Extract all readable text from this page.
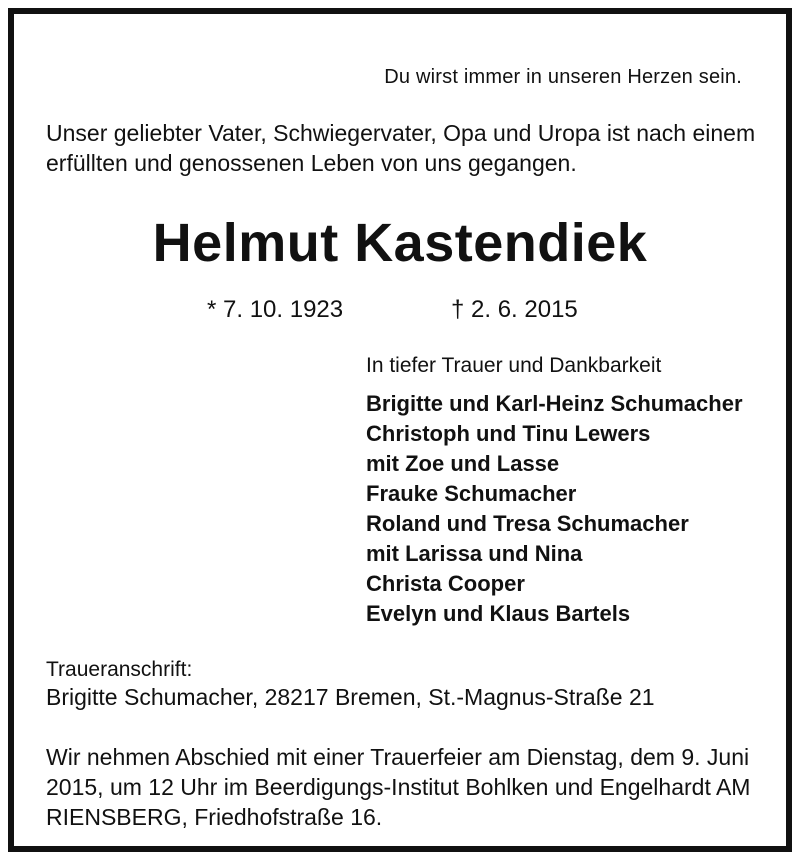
Du wirst immer in unseren Herzen sein.
Unser geliebter Vater, Schwiegervater, Opa und Uropa ist nach einem
erfüllten und genossenen Leben von uns gegangen.
Helmut Kastendiek
* 7. 10. 1923	† 2. 6. 2015
In tiefer Trauer und Dankbarkeit
Brigitte und Karl-Heinz Schumacher
Christoph und Tinu Lewers
mit Zoe und Lasse
Frauke Schumacher
Roland und Tresa Schumacher
mit Larissa und Nina
Christa Cooper
Evelyn und Klaus Bartels
Traueranschrift:
Brigitte Schumacher, 28217 Bremen, St.-Magnus-Straße 21
Wir nehmen Abschied mit einer Trauerfeier am Dienstag, dem 9. Juni
2015, um 12 Uhr im Beerdigungs-Institut Bohlken und Engelhardt AM
RIENSBERG, Friedhofstraße 16.
